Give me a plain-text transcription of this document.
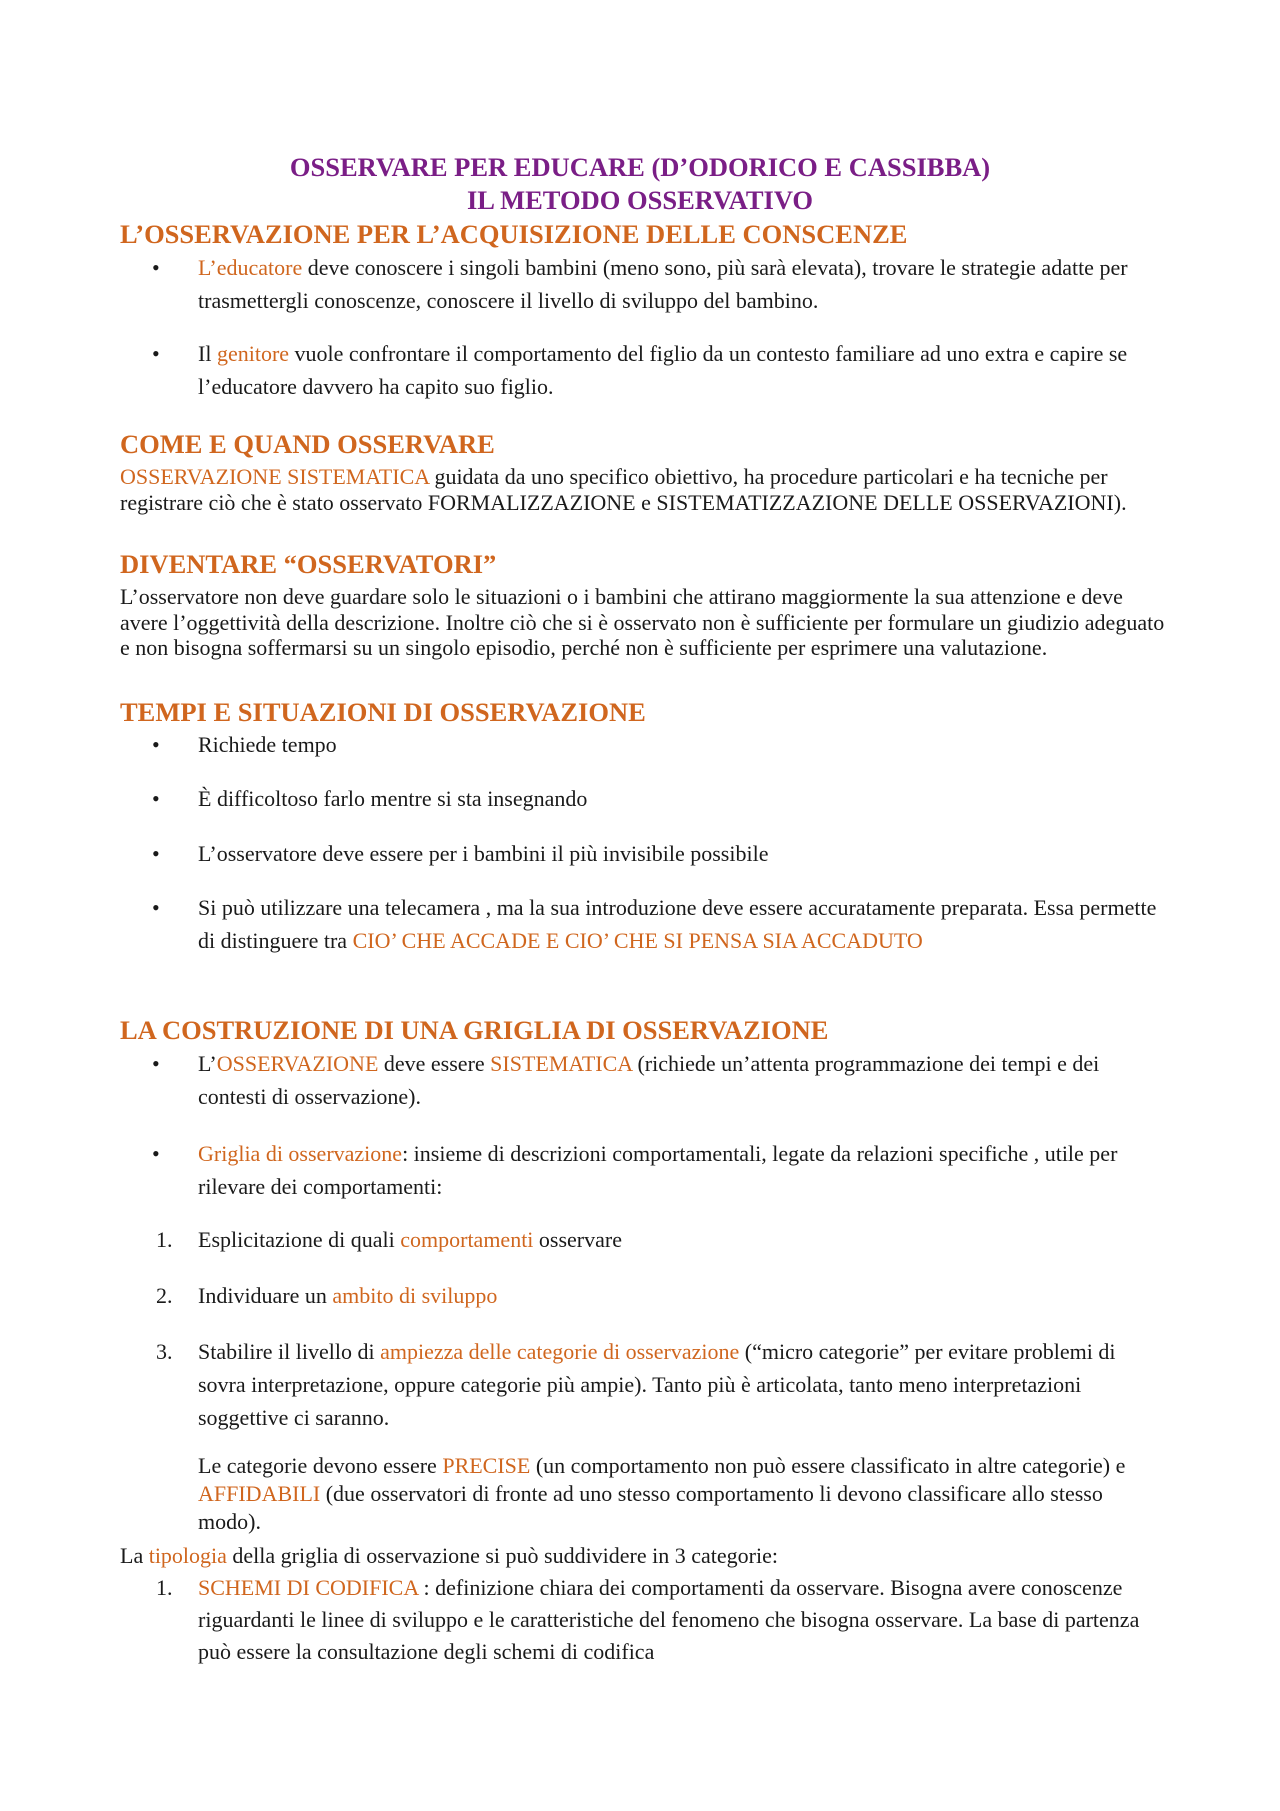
OSSERVARE PER EDUCARE (D’ODORICO E CASSIBBA)

IL METODO OSSERVATIVO

L’OSSERVAZIONE PER L’ACQUISIZIONE DELLE CONSCENZE

•	L’educatore deve conoscere i singoli bambini (meno sono, più sarà elevata), trovare le strategie adatte per trasmettergli conoscenze, conoscere il livello di sviluppo del bambino.

•	Il genitore vuole confrontare il comportamento del figlio da un contesto familiare ad uno extra e capire se l’educatore davvero ha capito suo figlio.

COME E QUAND OSSERVARE

OSSERVAZIONE SISTEMATICA guidata da uno specifico obiettivo, ha procedure particolari e ha tecniche per registrare ciò che è stato osservato FORMALIZZAZIONE e SISTEMATIZZAZIONE DELLE OSSERVAZIONI).

DIVENTARE “OSSERVATORI”

L’osservatore non deve guardare solo le situazioni o i bambini che attirano maggiormente la sua attenzione e deve avere l’oggettività della descrizione. Inoltre ciò che si è osservato non è sufficiente per formulare un giudizio adeguato e non bisogna soffermarsi su un singolo episodio, perché non è sufficiente per esprimere una valutazione.

TEMPI E SITUAZIONI DI OSSERVAZIONE

•	Richiede tempo

•	È difficoltoso farlo mentre si sta insegnando

•	L’osservatore deve essere per i bambini il più invisibile possibile

•	Si può utilizzare una telecamera , ma la sua introduzione deve essere accuratamente preparata. Essa permette di distinguere tra CIO’ CHE ACCADE E CIO’ CHE SI PENSA SIA ACCADUTO

LA COSTRUZIONE DI UNA GRIGLIA DI OSSERVAZIONE

•	L’OSSERVAZIONE deve essere SISTEMATICA (richiede un’attenta programmazione dei tempi e dei contesti di osservazione).

•	Griglia di osservazione: insieme di descrizioni comportamentali, legate da relazioni specifiche , utile per rilevare dei comportamenti:

1.	Esplicitazione di quali comportamenti osservare

2.	Individuare un ambito di sviluppo

3.	Stabilire il livello di ampiezza delle categorie di osservazione (“micro categorie” per evitare problemi di sovra interpretazione, oppure categorie più ampie). Tanto più è articolata, tanto meno interpretazioni soggettive ci saranno.

Le categorie devono essere PRECISE (un comportamento non può essere classificato in altre categorie) e AFFIDABILI (due osservatori di fronte ad uno stesso comportamento li devono classificare allo stesso modo).

La tipologia della griglia di osservazione si può suddividere in 3 categorie:

1.	SCHEMI DI CODIFICA : definizione chiara dei comportamenti da osservare. Bisogna avere conoscenze riguardanti le linee di sviluppo e le caratteristiche del fenomeno che bisogna osservare. La base di partenza può essere la consultazione degli schemi di codifica
